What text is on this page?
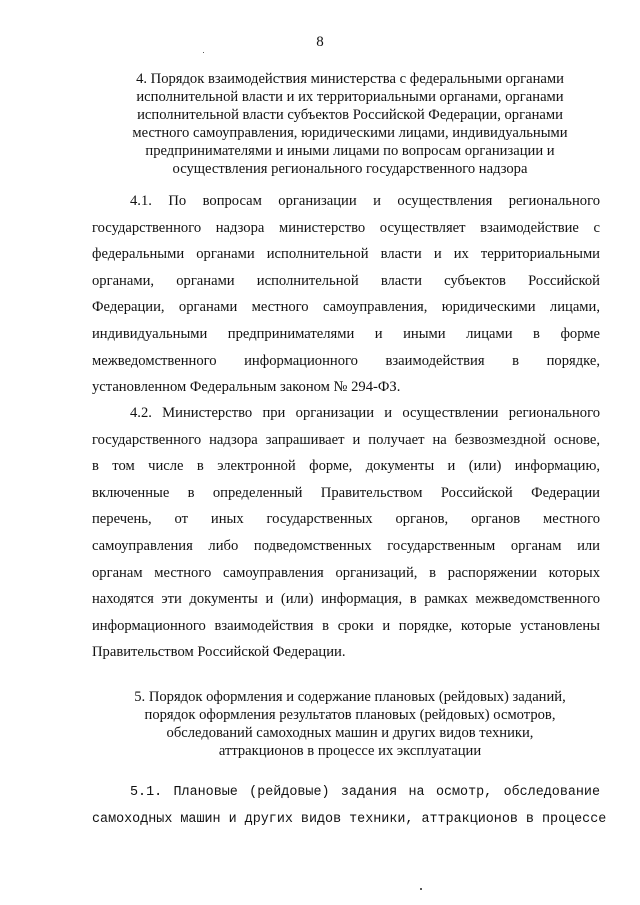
8
4. Порядок взаимодействия министерства с федеральными органами
исполнительной власти и их территориальными органами, органами
исполнительной власти субъектов Российской Федерации, органами
местного самоуправления, юридическими лицами, индивидуальными
предпринимателями и иными лицами по вопросам организации и
осуществления регионального государственного надзора
4.1. По вопросам организации и осуществления регионального
государственного надзора министерство осуществляет взаимодействие с
федеральными органами исполнительной власти и их территориальными
органами, органами исполнительной власти субъектов Российской
Федерации, органами местного самоуправления, юридическими лицами,
индивидуальными предпринимателями и иными лицами в форме
межведомственного информационного взаимодействия в порядке,
установленном Федеральным законом № 294-ФЗ.
4.2. Министерство при организации и осуществлении регионального
государственного надзора запрашивает и получает на безвозмездной основе,
в том числе в электронной форме, документы и (или) информацию,
включенные в определенный Правительством Российской Федерации
перечень, от иных государственных органов, органов местного
самоуправления либо подведомственных государственным органам или
органам местного самоуправления организаций, в распоряжении которых
находятся эти документы и (или) информация, в рамках межведомственного
информационного взаимодействия в сроки и порядке, которые установлены
Правительством Российской Федерации.
5. Порядок оформления и содержание плановых (рейдовых) заданий,
порядок оформления результатов плановых (рейдовых) осмотров,
обследований самоходных машин и других видов техники,
аттракционов в процессе их эксплуатации
5.1. Плановые (рейдовые) задания на осмотр, обследование
самоходных машин и других видов техники, аттракционов в процессе
